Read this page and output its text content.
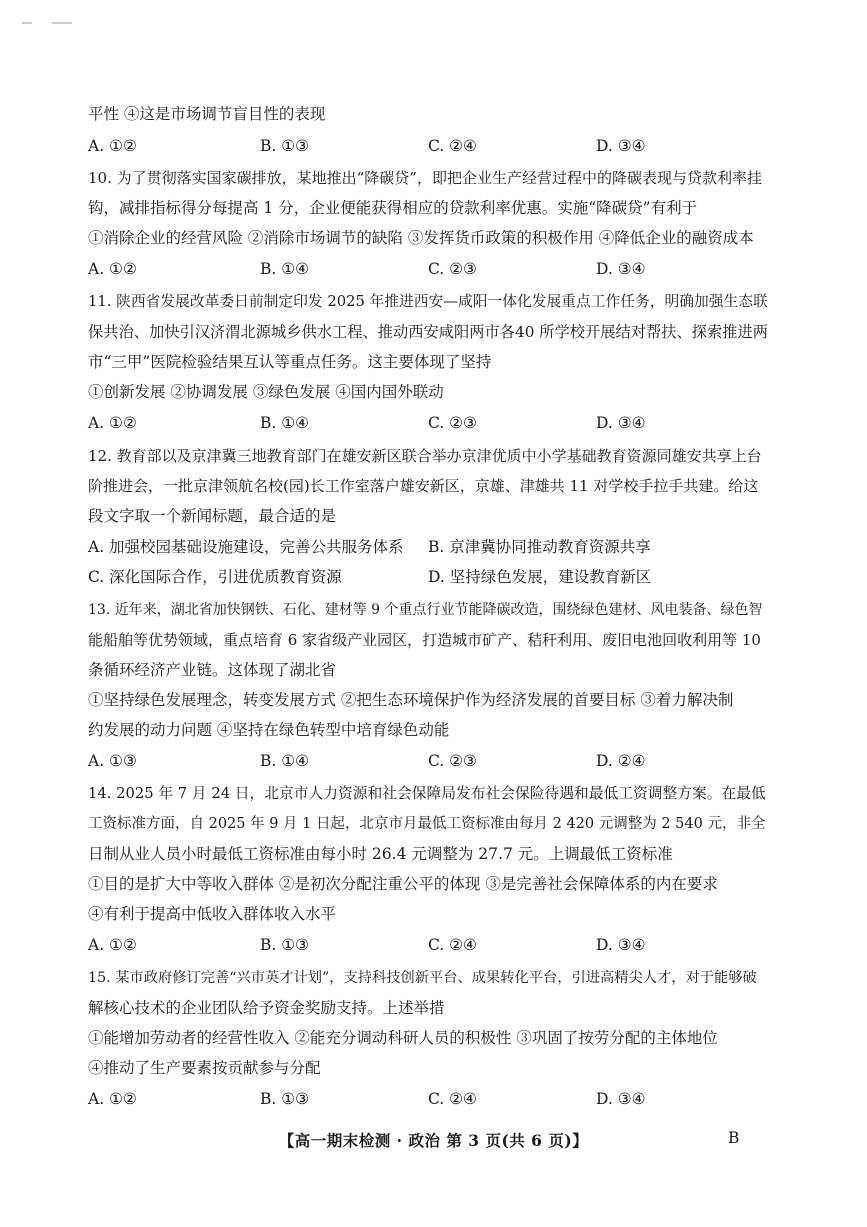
平性 ④这是市场调节盲目性的表现
A. ①②	B. ①③	C. ②④	D. ③④
10. 为了贯彻落实国家碳排放，某地推出“降碳贷”，即把企业生产经营过程中的降碳表现与贷款利率挂
钩，减排指标得分每提高 1 分，企业便能获得相应的贷款利率优惠。实施“降碳贷”有利于
①消除企业的经营风险 ②消除市场调节的缺陷 ③发挥货币政策的积极作用 ④降低企业的融资成本
A. ①②	B. ①④	C. ②③	D. ③④
11. 陕西省发展改革委日前制定印发 2025 年推进西安—咸阳一体化发展重点工作任务，明确加强生态联
保共治、加快引汉济渭北源城乡供水工程、推动西安咸阳两市各40 所学校开展结对帮扶、探索推进两
市“三甲”医院检验结果互认等重点任务。这主要体现了坚持
①创新发展 ②协调发展 ③绿色发展 ④国内国外联动
A. ①②	B. ①④	C. ②③	D. ③④
12. 教育部以及京津冀三地教育部门在雄安新区联合举办京津优质中小学基础教育资源同雄安共享上台
阶推进会，一批京津领航名校(园)长工作室落户雄安新区，京雄、津雄共 11 对学校手拉手共建。给这
段文字取一个新闻标题，最合适的是
A. 加强校园基础设施建设，完善公共服务体系 B. 京津冀协同推动教育资源共享
C. 深化国际合作，引进优质教育资源	D. 坚持绿色发展，建设教育新区
13. 近年来，湖北省加快钢铁、石化、建材等 9 个重点行业节能降碳改造，围绕绿色建材、风电装备、绿色智
能船舶等优势领域，重点培育 6 家省级产业园区，打造城市矿产、秸秆利用、废旧电池回收利用等 10
条循环经济产业链。这体现了湖北省
①坚持绿色发展理念，转变发展方式 ②把生态环境保护作为经济发展的首要目标 ③着力解决制
约发展的动力问题 ④坚持在绿色转型中培育绿色动能
A. ①③	B. ①④	C. ②③	D. ②④
14. 2025 年 7 月 24 日，北京市人力资源和社会保障局发布社会保险待遇和最低工资调整方案。在最低
工资标准方面，自 2025 年 9 月 1 日起，北京市月最低工资标准由每月 2 420 元调整为 2 540 元，非全
日制从业人员小时最低工资标准由每小时 26.4 元调整为 27.7 元。上调最低工资标准
①目的是扩大中等收入群体 ②是初次分配注重公平的体现 ③是完善社会保障体系的内在要求
④有利于提高中低收入群体收入水平
A. ①②	B. ①③	C. ②④	D. ③④
15. 某市政府修订完善“兴市英才计划”，支持科技创新平台、成果转化平台，引进高精尖人才，对于能够破
解核心技术的企业团队给予资金奖励支持。上述举措
①能增加劳动者的经营性收入 ②能充分调动科研人员的积极性 ③巩固了按劳分配的主体地位
④推动了生产要素按贡献参与分配
A. ①②	B. ①③	C. ②④	D. ③④
【高一期末检测 · 政治 第 3 页(共 6 页)】	B
